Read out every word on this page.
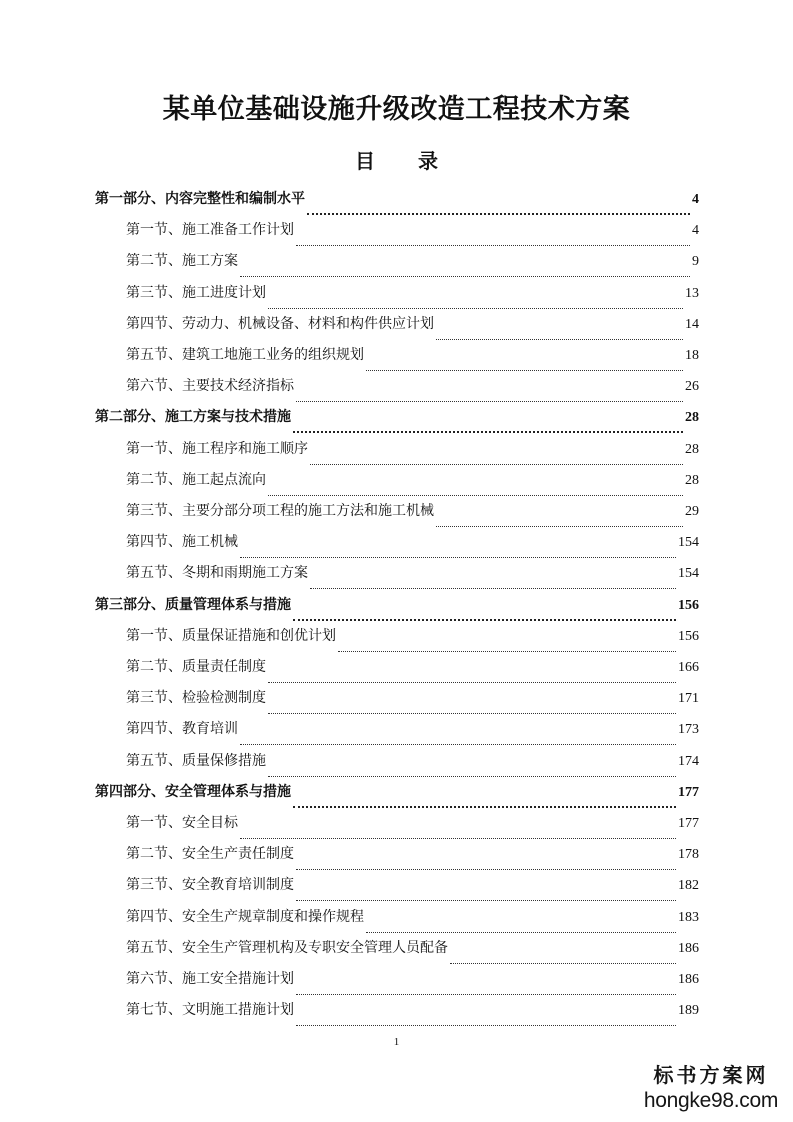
某单位基础设施升级改造工程技术方案
目 录
第一部分、内容完整性和编制水平	4
第一节、施工准备工作计划	4
第二节、施工方案	9
第三节、施工进度计划	13
第四节、劳动力、机械设备、材料和构件供应计划	14
第五节、建筑工地施工业务的组织规划	18
第六节、主要技术经济指标	26
第二部分、施工方案与技术措施	28
第一节、施工程序和施工顺序	28
第二节、施工起点流向	28
第三节、主要分部分项工程的施工方法和施工机械	29
第四节、施工机械	154
第五节、冬期和雨期施工方案	154
第三部分、质量管理体系与措施	156
第一节、质量保证措施和创优计划	156
第二节、质量责任制度	166
第三节、检验检测制度	171
第四节、教育培训	173
第五节、质量保修措施	174
第四部分、安全管理体系与措施	177
第一节、安全目标	177
第二节、安全生产责任制度	178
第三节、安全教育培训制度	182
第四节、安全生产规章制度和操作规程	183
第五节、安全生产管理机构及专职安全管理人员配备	186
第六节、施工安全措施计划	186
第七节、文明施工措施计划	189
1
标书方案网
hongke98.com
